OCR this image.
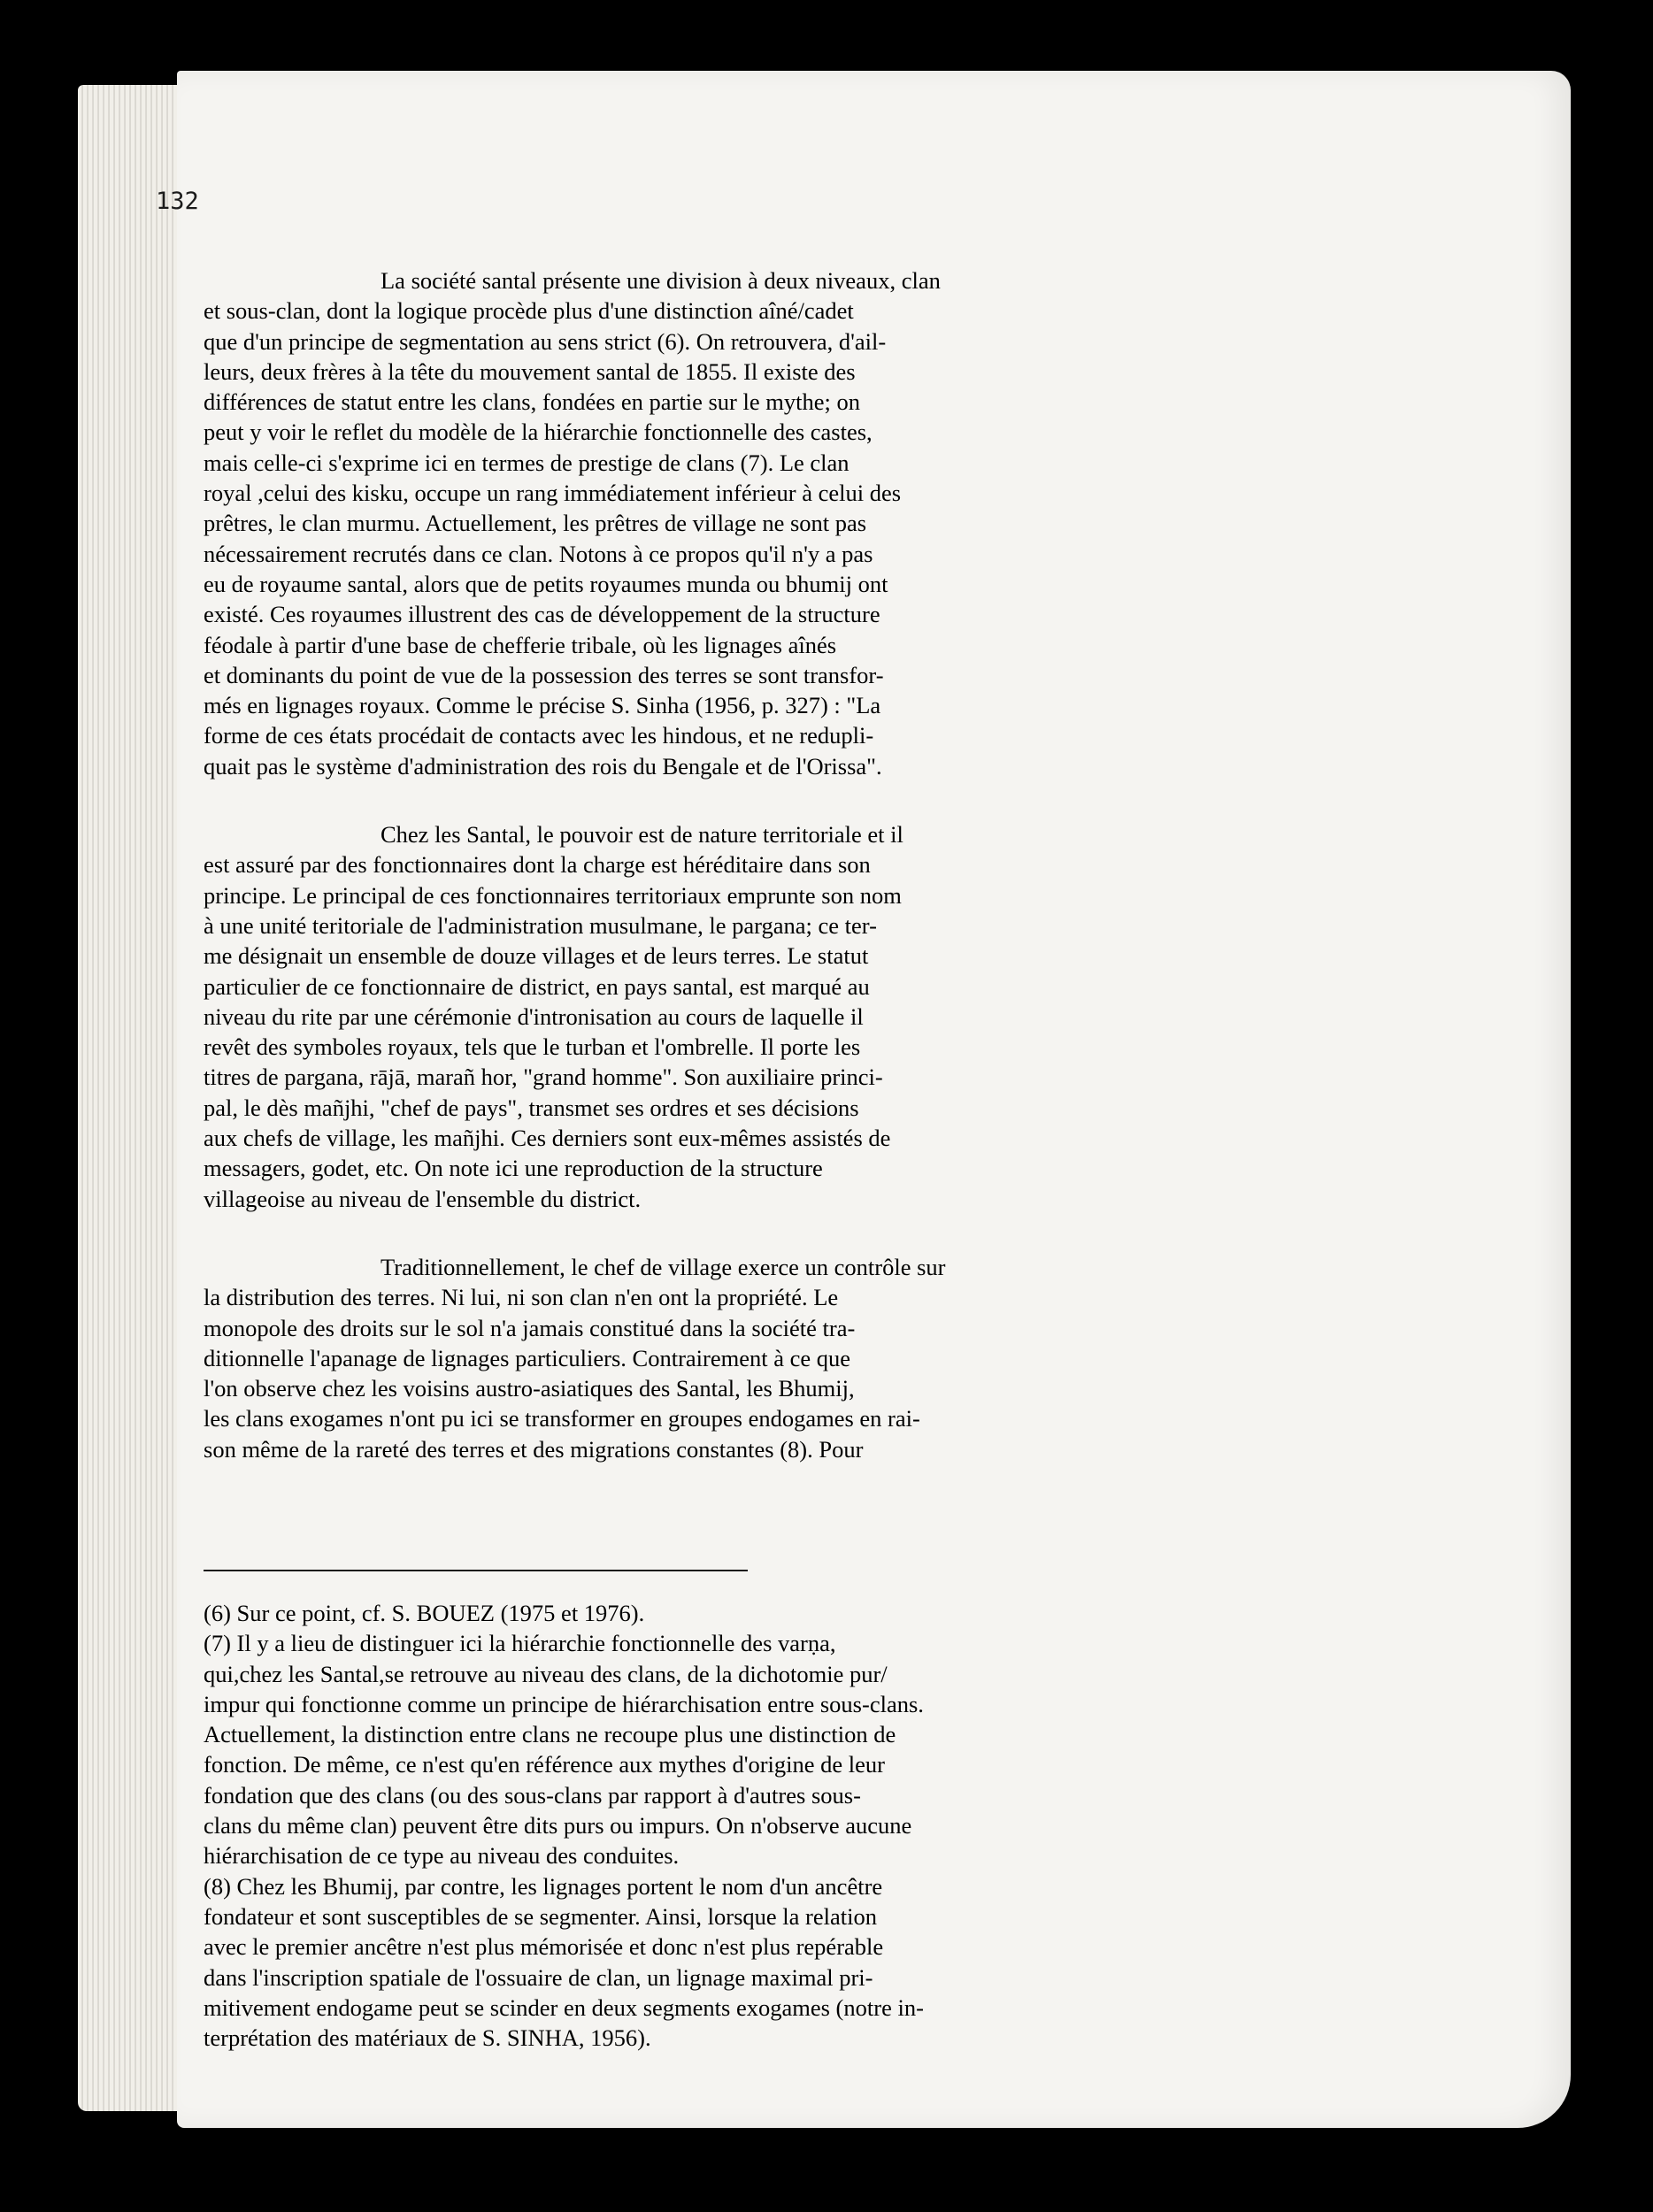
132

La société santal présente une division à deux niveaux, clan
et sous-clan, dont la logique procède plus d'une distinction aîné/cadet
que d'un principe de segmentation au sens strict (6). On retrouvera, d'ail-
leurs, deux frères à la tête du mouvement santal de 1855. Il existe des
différences de statut entre les clans, fondées en partie sur le mythe; on
peut y voir le reflet du modèle de la hiérarchie fonctionnelle des castes,
mais celle-ci s'exprime ici en termes de prestige de clans (7). Le clan
royal ,celui des kisku, occupe un rang immédiatement inférieur à celui des
prêtres, le clan murmu. Actuellement, les prêtres de village ne sont pas
nécessairement recrutés dans ce clan. Notons à ce propos qu'il n'y a pas
eu de royaume santal, alors que de petits royaumes munda ou bhumij ont
existé. Ces royaumes illustrent des cas de développement de la structure
féodale à partir d'une base de chefferie tribale, où les lignages aînés
et dominants du point de vue de la possession des terres se sont transfor-
més en lignages royaux. Comme le précise S. Sinha (1956, p. 327) : "La
forme de ces états procédait de contacts avec les hindous, et ne redupli-
quait pas le système d'administration des rois du Bengale et de l'Orissa".

Chez les Santal, le pouvoir est de nature territoriale et il
est assuré par des fonctionnaires dont la charge est héréditaire dans son
principe. Le principal de ces fonctionnaires territoriaux emprunte son nom
à une unité teritoriale de l'administration musulmane, le pargana; ce ter-
me désignait un ensemble de douze villages et de leurs terres. Le statut
particulier de ce fonctionnaire de district, en pays santal, est marqué au
niveau du rite par une cérémonie d'intronisation au cours de laquelle il
revêt des symboles royaux, tels que le turban et l'ombrelle. Il porte les
titres de pargana, rājā, marañ hor, "grand homme". Son auxiliaire princi-
pal, le dès mañjhi, "chef de pays", transmet ses ordres et ses décisions
aux chefs de village, les mañjhi. Ces derniers sont eux-mêmes assistés de
messagers, godet, etc. On note ici une reproduction de la structure
villageoise au niveau de l'ensemble du district.

Traditionnellement, le chef de village exerce un contrôle sur
la distribution des terres. Ni lui, ni son clan n'en ont la propriété. Le
monopole des droits sur le sol n'a jamais constitué dans la société tra-
ditionnelle l'apanage de lignages particuliers. Contrairement à ce que
l'on observe chez les voisins austro-asiatiques des Santal, les Bhumij,
les clans exogames n'ont pu ici se transformer en groupes endogames en rai-
son même de la rareté des terres et des migrations constantes (8). Pour

(6) Sur ce point, cf. S. BOUEZ (1975 et 1976).
(7) Il y a lieu de distinguer ici la hiérarchie fonctionnelle des varṇa,
qui,chez les Santal,se retrouve au niveau des clans, de la dichotomie pur/
impur qui fonctionne comme un principe de hiérarchisation entre sous-clans.
Actuellement, la distinction entre clans ne recoupe plus une distinction de
fonction. De même, ce n'est qu'en référence aux mythes d'origine de leur
fondation que des clans (ou des sous-clans par rapport à d'autres sous-
clans du même clan) peuvent être dits purs ou impurs. On n'observe aucune
hiérarchisation de ce type au niveau des conduites.
(8) Chez les Bhumij, par contre, les lignages portent le nom d'un ancêtre
fondateur et sont susceptibles de se segmenter. Ainsi, lorsque la relation
avec le premier ancêtre n'est plus mémorisée et donc n'est plus repérable
dans l'inscription spatiale de l'ossuaire de clan, un lignage maximal pri-
mitivement endogame peut se scinder en deux segments exogames (notre in-
terprétation des matériaux de S. SINHA, 1956).
